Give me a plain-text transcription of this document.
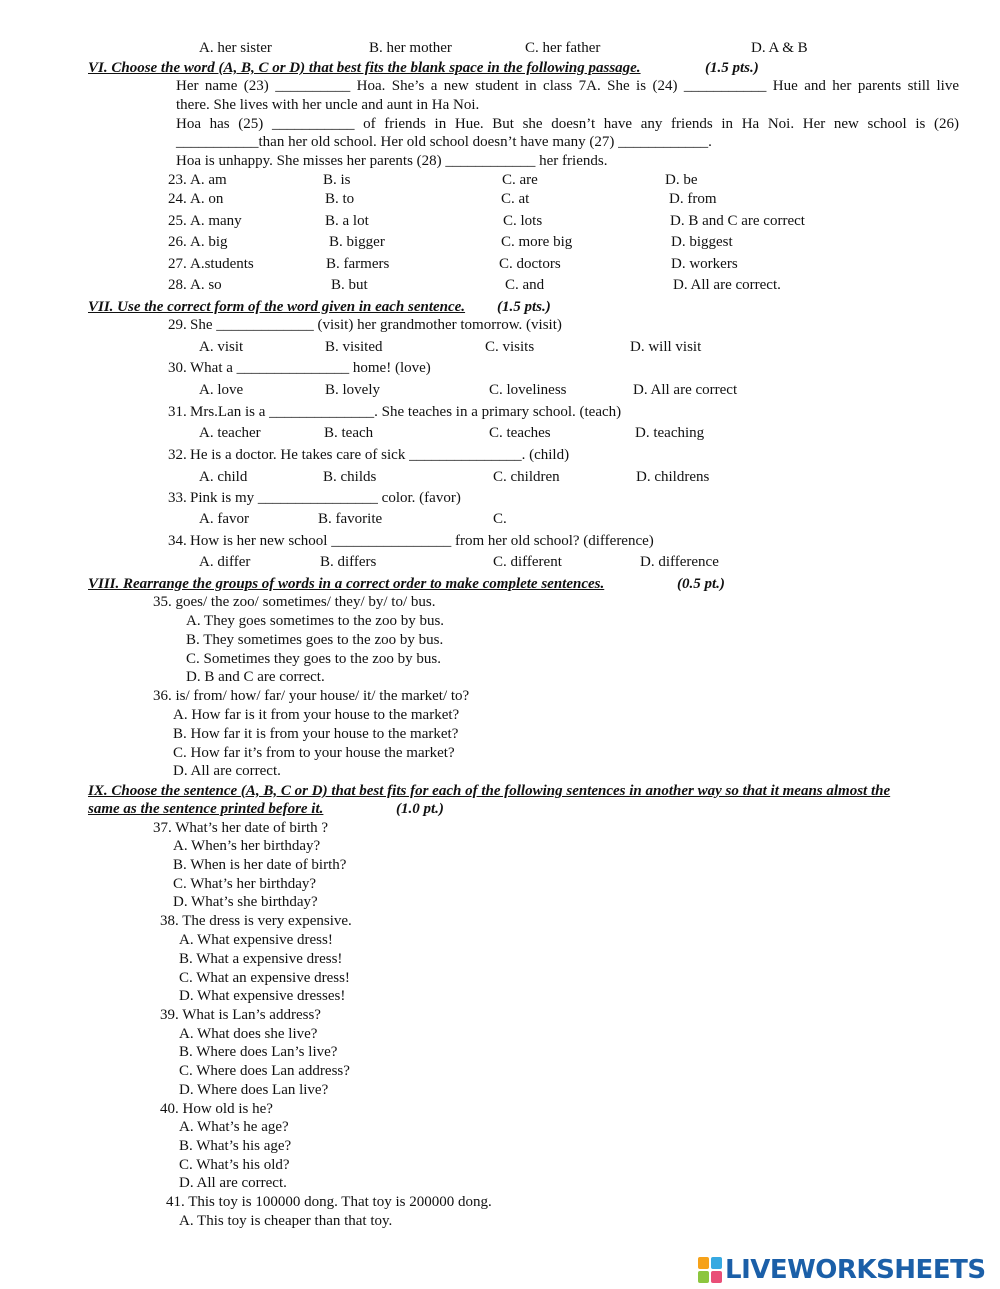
A. her sister	B. her mother	C. her father	D. A & B
VI. Choose the word (A, B, C or D) that best fits the blank space in the following passage.	(1.5 pts.)
Her name (23) __________ Hoa. She’s a new student in class 7A. She is (24) ___________ Hue and her parents still live
there. She lives with her uncle and aunt in Ha Noi.
Hoa has (25) ___________ of friends in Hue. But she doesn’t have any friends in Ha Noi. Her new school is (26)
___________than her old school. Her old school doesn’t have many (27) ____________.
Hoa is unhappy. She misses her parents (28) ____________ her friends.
23. A. am	B. is	C. are	D. be
24. A. on	B. to	C. at	D. from
25. A. many	B. a lot	C. lots	D. B and C are correct
26. A. big	B. bigger	C. more big	D. biggest
27. A.students	B. farmers	C. doctors	D. workers
28. A. so	B. but	C. and	D. All are correct.
VII. Use the correct form of the word given in each sentence. (1.5 pts.)
29. She _____________ (visit) her grandmother tomorrow. (visit)
A. visit	B. visited	C. visits	D. will visit
30. What a _______________ home! (love)
A. love	B. lovely	C. loveliness	D. All are correct
31. Mrs.Lan is a ______________. She teaches in a primary school. (teach)
A. teacher	B. teach	C. teaches	D. teaching
32. He is a doctor. He takes care of sick _______________. (child)
A. child	B. childs	C. children	D. childrens
33. Pink is my ________________ color. (favor)
A. favor	B. favorite	C.
34. How is her new school ________________ from her old school? (difference)
A. differ	B. differs	C. different	D. difference
VIII. Rearrange the groups of words in a correct order to make complete sentences.	(0.5 pt.)
35. goes/ the zoo/ sometimes/ they/ by/ to/ bus.
A. They goes sometimes to the zoo by bus.
B. They sometimes goes to the zoo by bus.
C. Sometimes they goes to the zoo by bus.
D. B and C are correct.
36. is/ from/ how/ far/ your house/ it/ the market/ to?
A. How far is it from your house to the market?
B. How far it is from your house to the market?
C. How far it’s from to your house the market?
D. All are correct.
IX. Choose the sentence (A, B, C or D) that best fits for each of the following sentences in another way so that it means almost the
same as the sentence printed before it.	(1.0 pt.)
37. What’s her date of birth ?
A. When’s her birthday?
B. When is her date of birth?
C. What’s her birthday?
D. What’s she birthday?
38. The dress is very expensive.
A. What expensive dress!
B. What a expensive dress!
C. What an expensive dress!
D. What expensive dresses!
39. What is Lan’s address?
A. What does she live?
B. Where does Lan’s live?
C. Where does Lan address?
D. Where does Lan live?
40. How old is he?
A. What’s he age?
B. What’s his age?
C. What’s his old?
D. All are correct.
41. This toy is 100000 dong. That toy is 200000 dong.
A. This toy is cheaper than that toy.
LIVEWORKSHEETS
